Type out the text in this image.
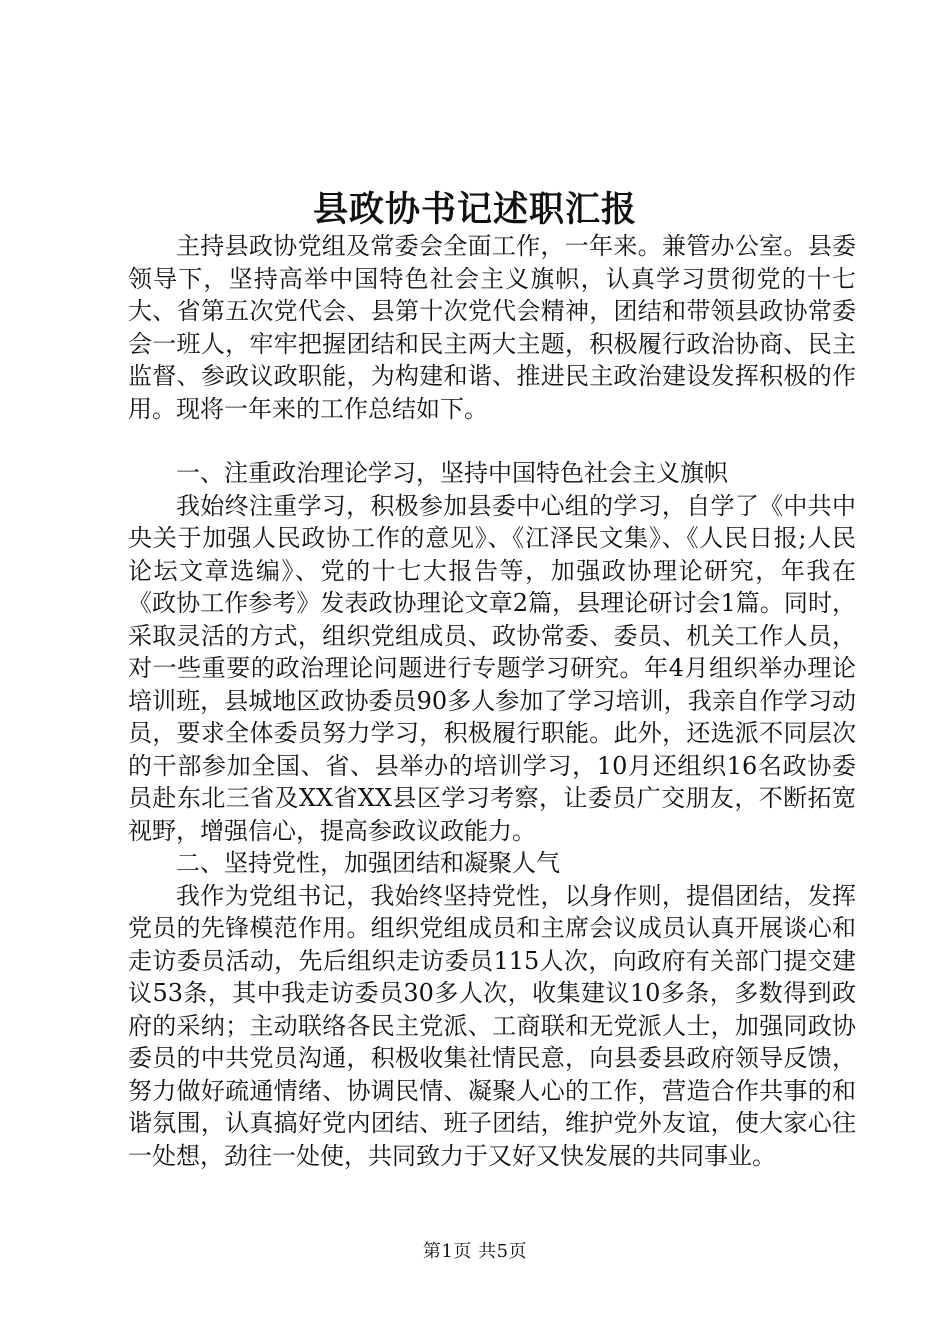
县政协书记述职汇报

主持县政协党组及常委会全面工作，一年来。兼管办公室。县委领导下，坚持高举中国特色社会主义旗帜，认真学习贯彻党的十七大、省第五次党代会、县第十次党代会精神，团结和带领县政协常委会一班人，牢牢把握团结和民主两大主题，积极履行政治协商、民主监督、参政议政职能，为构建和谐、推进民主政治建设发挥积极的作用。现将一年来的工作总结如下。

一、注重政治理论学习，坚持中国特色社会主义旗帜

我始终注重学习，积极参加县委中心组的学习，自学了《中共中央关于加强人民政协工作的意见》、《江泽民文集》、《人民日报;人民论坛文章选编》、党的十七大报告等，加强政协理论研究，年我在《政协工作参考》发表政协理论文章2篇，县理论研讨会1篇。同时，采取灵活的方式，组织党组成员、政协常委、委员、机关工作人员，对一些重要的政治理论问题进行专题学习研究。年4月组织举办理论培训班，县城地区政协委员90多人参加了学习培训，我亲自作学习动员，要求全体委员努力学习，积极履行职能。此外，还选派不同层次的干部参加全国、省、县举办的培训学习，10月还组织16名政协委员赴东北三省及XX省XX县区学习考察，让委员广交朋友，不断拓宽视野，增强信心，提高参政议政能力。

二、坚持党性，加强团结和凝聚人气

我作为党组书记，我始终坚持党性，以身作则，提倡团结，发挥党员的先锋模范作用。组织党组成员和主席会议成员认真开展谈心和走访委员活动，先后组织走访委员115人次，向政府有关部门提交建议53条，其中我走访委员30多人次，收集建议10多条，多数得到政府的采纳；主动联络各民主党派、工商联和无党派人士，加强同政协委员的中共党员沟通，积极收集社情民意，向县委县政府领导反馈，努力做好疏通情绪、协调民情、凝聚人心的工作，营造合作共事的和谐氛围，认真搞好党内团结、班子团结，维护党外友谊，使大家心往一处想，劲往一处使，共同致力于又好又快发展的共同事业。

第1页 共5页
